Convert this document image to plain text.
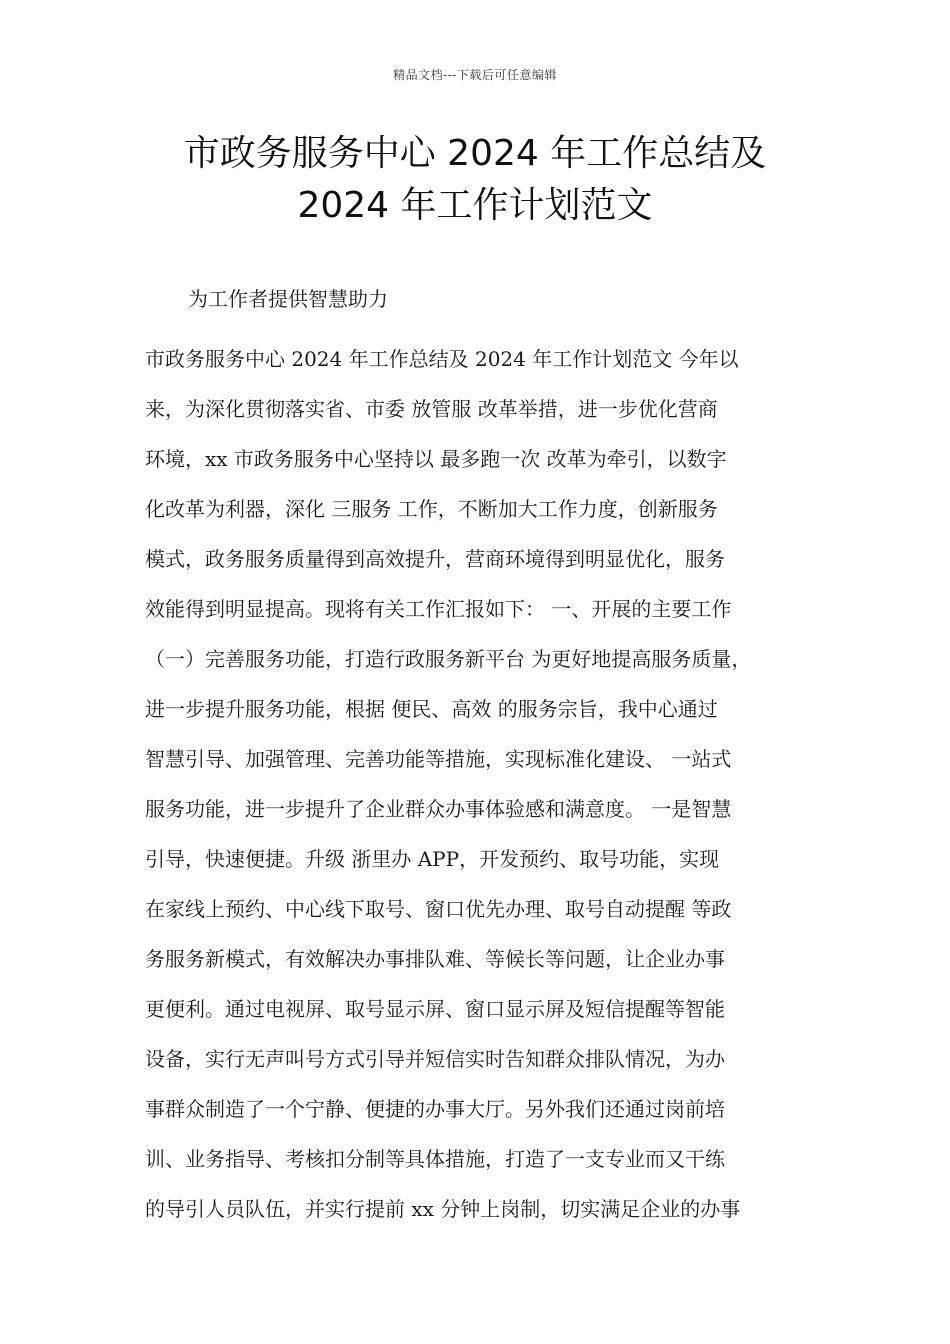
精品文档---下载后可任意编辑
市政务服务中心 2024 年工作总结及
2024 年工作计划范文
为工作者提供智慧助力
市政务服务中心 2024 年工作总结及 2024 年工作计划范文 今年以
来，为深化贯彻落实省、市委 放管服 改革举措，进一步优化营商
环境，xx 市政务服务中心坚持以 最多跑一次 改革为牵引，以数字
化改革为利器，深化 三服务 工作，不断加大工作力度，创新服务
模式，政务服务质量得到高效提升，营商环境得到明显优化，服务
效能得到明显提高。现将有关工作汇报如下： 一、开展的主要工作
（一）完善服务功能，打造行政服务新平台 为更好地提高服务质量，
进一步提升服务功能，根据 便民、高效 的服务宗旨，我中心通过
智慧引导、加强管理、完善功能等措施，实现标准化建设、 一站式
服务功能，进一步提升了企业群众办事体验感和满意度。 一是智慧
引导，快速便捷。升级 浙里办 APP，开发预约、取号功能，实现
在家线上预约、中心线下取号、窗口优先办理、取号自动提醒 等政
务服务新模式，有效解决办事排队难、等候长等问题，让企业办事
更便利。通过电视屏、取号显示屏、窗口显示屏及短信提醒等智能
设备，实行无声叫号方式引导并短信实时告知群众排队情况，为办
事群众制造了一个宁静、便捷的办事大厅。另外我们还通过岗前培
训、业务指导、考核扣分制等具体措施，打造了一支专业而又干练
的导引人员队伍，并实行提前 xx 分钟上岗制，切实满足企业的办事
